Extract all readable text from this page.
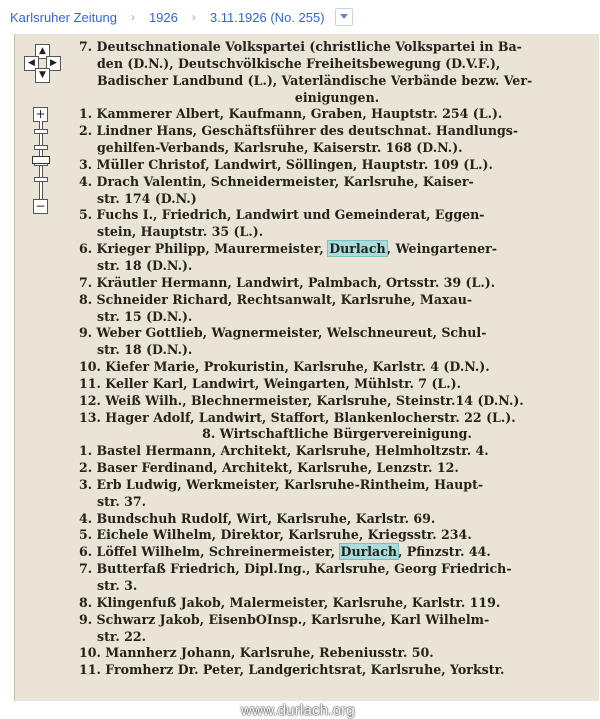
Karlsruher Zeitung	›	1926	›	3.11.1926 (No. 255)
7. Deutschnationale Volkspartei (christliche Volkspartei in Ba-
den (D.N.), Deutschvölkische Freiheitsbewegung (D.V.F.),
Badischer Landbund (L.), Vaterländische Verbände bezw. Ver-
einigungen.
1. Kammerer Albert, Kaufmann, Graben, Hauptstr. 254 (L.).
2. Lindner Hans, Geschäftsführer des deutschnat. Handlungs-
gehilfen-Verbands, Karlsruhe, Kaiserstr. 168 (D.N.).
3. Müller Christof, Landwirt, Söllingen, Hauptstr. 109 (L.).
4. Drach Valentin, Schneidermeister, Karlsruhe, Kaiser-
str. 174 (D.N.)
5. Fuchs I., Friedrich, Landwirt und Gemeinderat, Eggen-
stein, Hauptstr. 35 (L.).
6. Krieger Philipp, Maurermeister, Durlach, Weingartener-
str. 18 (D.N.).
7. Kräutler Hermann, Landwirt, Palmbach, Ortsstr. 39 (L.).
8. Schneider Richard, Rechtsanwalt, Karlsruhe, Maxau-
str. 15 (D.N.).
9. Weber Gottlieb, Wagnermeister, Welschneureut, Schul-
str. 18 (D.N.).
10. Kiefer Marie, Prokuristin, Karlsruhe, Karlstr. 4 (D.N.).
11. Keller Karl, Landwirt, Weingarten, Mühlstr. 7 (L.).
12. Weiß Wilh., Blechnermeister, Karlsruhe, Steinstr.14 (D.N.).
13. Hager Adolf, Landwirt, Staffort, Blankenlocherstr. 22 (L.).
8. Wirtschaftliche Bürgervereinigung.
1. Bastel Hermann, Architekt, Karlsruhe, Helmholtzstr. 4.
2. Baser Ferdinand, Architekt, Karlsruhe, Lenzstr. 12.
3. Erb Ludwig, Werkmeister, Karlsruhe-Rintheim, Haupt-
str. 37.
4. Bundschuh Rudolf, Wirt, Karlsruhe, Karlstr. 69.
5. Eichele Wilhelm, Direktor, Karlsruhe, Kriegsstr. 234.
6. Löffel Wilhelm, Schreinermeister, Durlach, Pfinzstr. 44.
7. Butterfaß Friedrich, Dipl.Ing., Karlsruhe, Georg Friedrich-
str. 3.
8. Klingenfuß Jakob, Malermeister, Karlsruhe, Karlstr. 119.
9. Schwarz Jakob, EisenbOInsp., Karlsruhe, Karl Wilhelm-
str. 22.
10. Mannherz Johann, Karlsruhe, Rebeniusstr. 50.
11. Fromherz Dr. Peter, Landgerichtsrat, Karlsruhe, Yorkstr.
www.durlach.org
▲
◀	▶
▼
+
−
